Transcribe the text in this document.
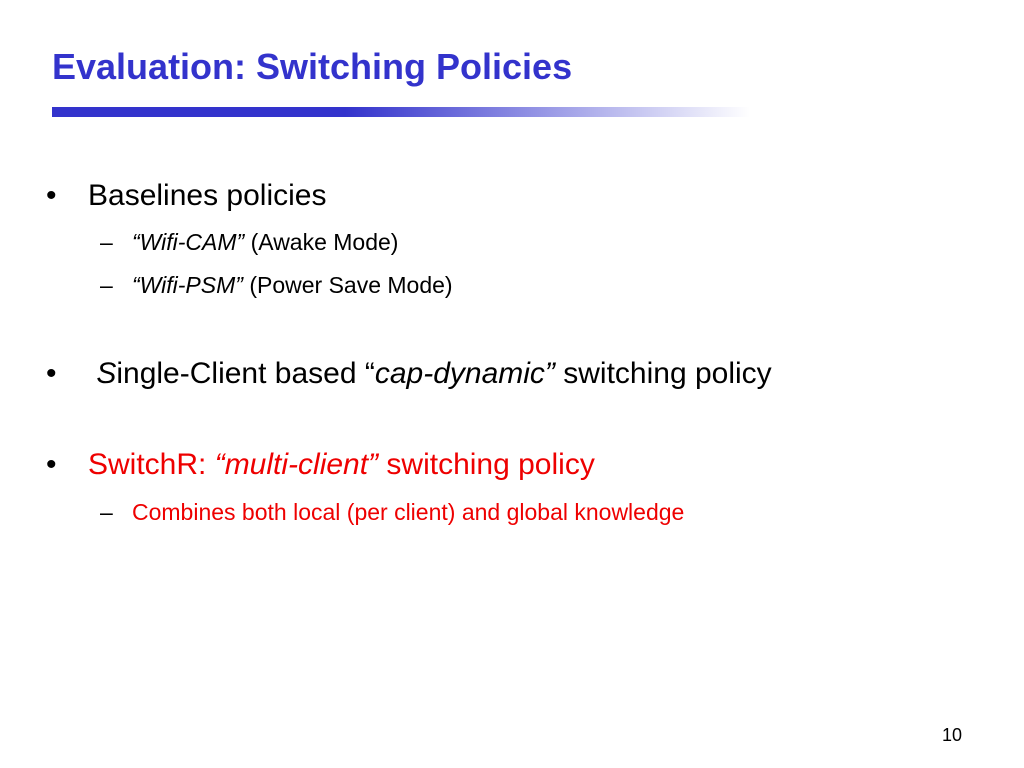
Evaluation: Switching Policies
• Baselines policies
– “Wifi-CAM” (Awake Mode)
– “Wifi-PSM” (Power Save Mode)
• Single-Client based “cap-dynamic” switching policy
• SwitchR: “multi-client” switching policy
– Combines both local (per client) and global knowledge
10
